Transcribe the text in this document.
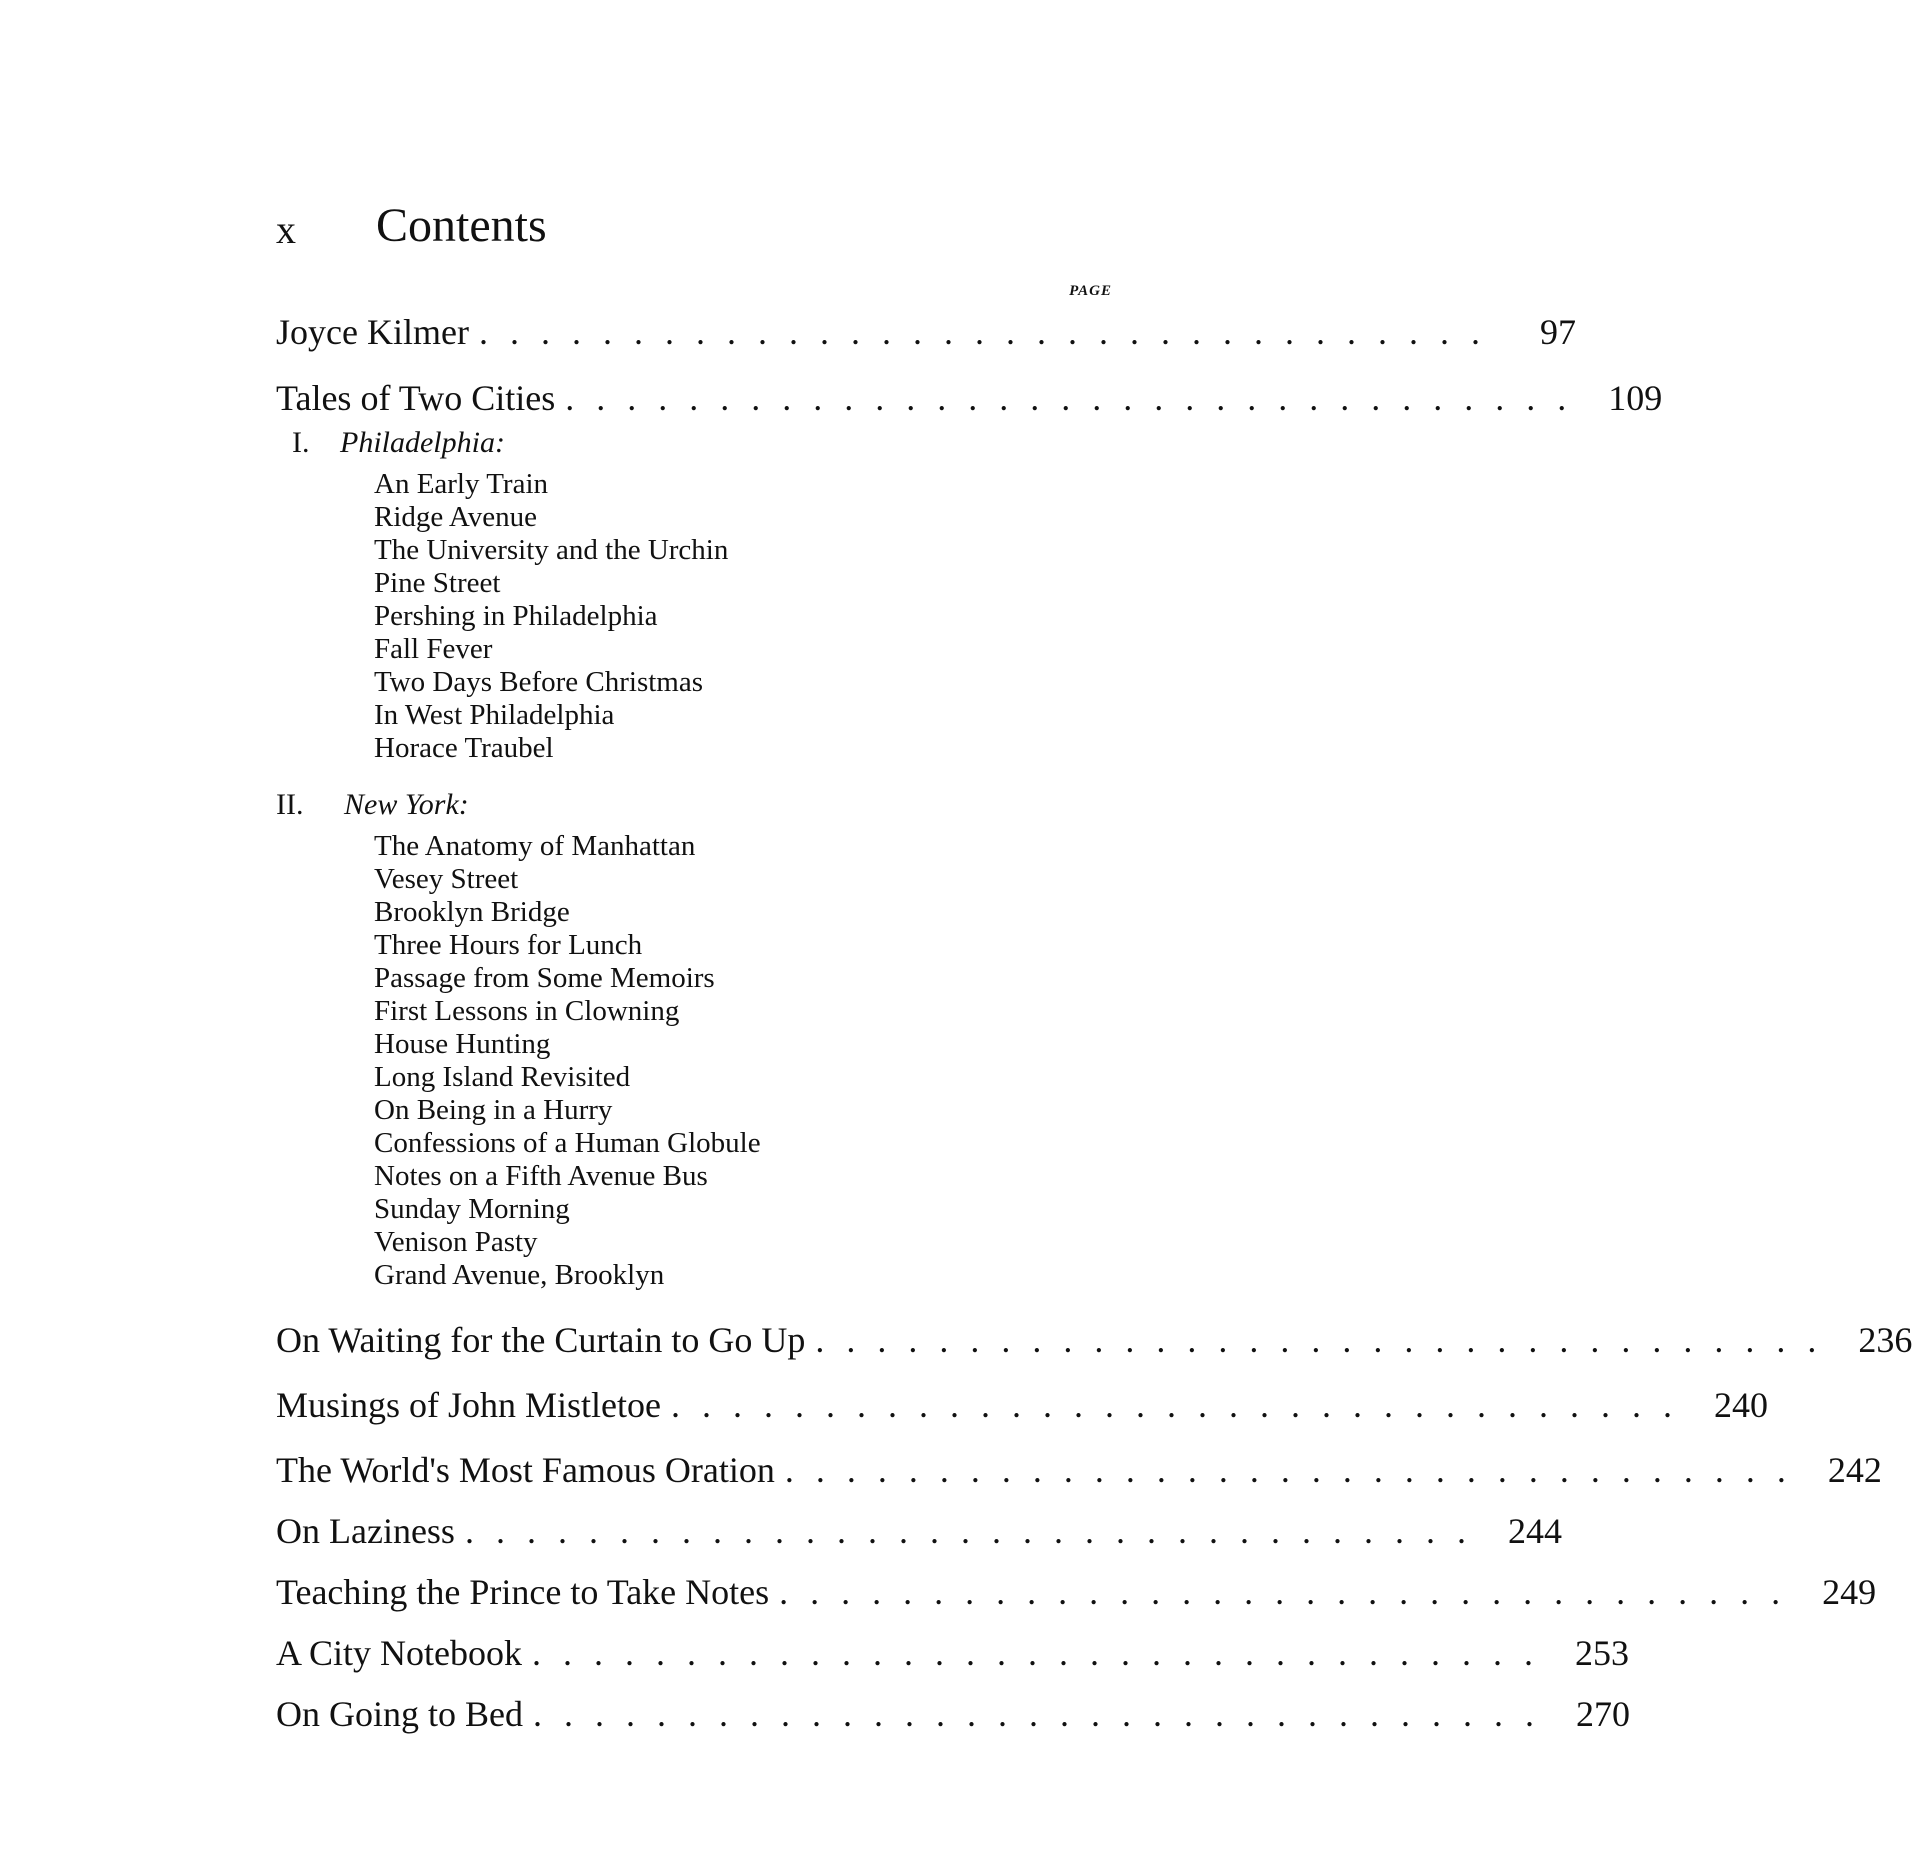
x Contents
PAGE
Joyce Kilmer .................................	97
Tales of Two Cities ................................. 109
I. Philadelphia:
An Early Train
Ridge Avenue
The University and the Urchin
Pine Street
Pershing in Philadelphia
Fall Fever
Two Days Before Christmas
In West Philadelphia
Horace Traubel
II. New York:
The Anatomy of Manhattan
Vesey Street
Brooklyn Bridge
Three Hours for Lunch
Passage from Some Memoirs
First Lessons in Clowning
House Hunting
Long Island Revisited
On Being in a Hurry
Confessions of a Human Globule
Notes on a Fifth Avenue Bus
Sunday Morning
Venison Pasty
Grand Avenue, Brooklyn
On Waiting for the Curtain to Go Up ................................. 236
Musings of John Mistletoe ................................. 240
The World's Most Famous Oration ................................. 242
On Laziness ................................. 244
Teaching the Prince to Take Notes ................................. 249
A City Notebook ................................. 253
On Going to Bed ................................. 270
